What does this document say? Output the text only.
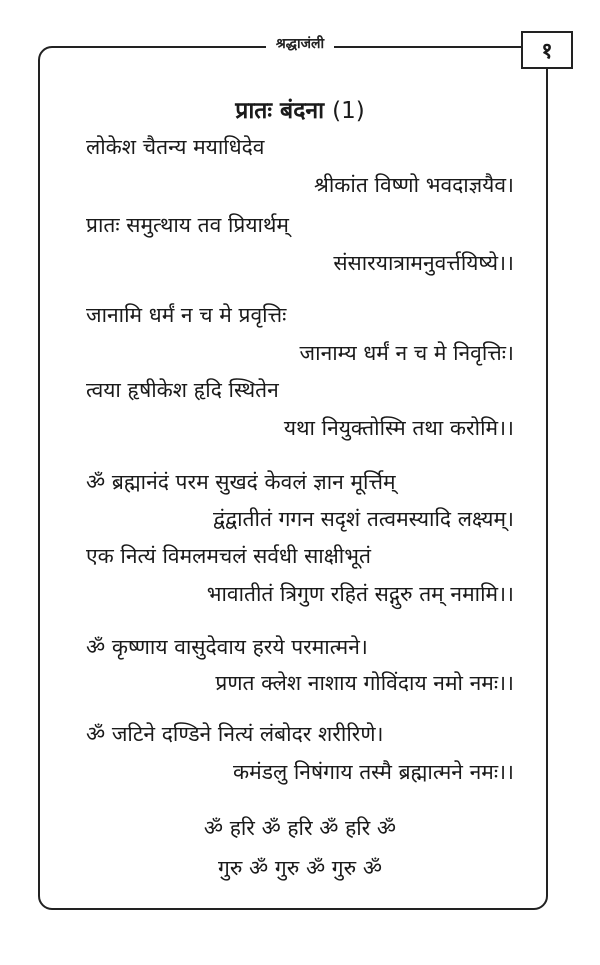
श्रद्धाजंली	१
प्रातः बंदना (1)
लोकेश चैतन्य मयाधिदेव
श्रीकांत विष्णो भवदाज्ञयैव।
प्रातः समुत्थाय तव प्रियार्थम्
संसारयात्रामनुवर्त्तयिष्ये।।
जानामि धर्मं न च मे प्रवृत्तिः
जानाम्य धर्मं न च मे निवृत्तिः।
त्वया हृषीकेश हृदि स्थितेन
यथा नियुक्तोस्मि तथा करोमि।।
ॐ ब्रह्मानंदं परम सुखदं केवलं ज्ञान मूर्त्तिम्
द्वंद्वातीतं गगन सदृशं तत्वमस्यादि लक्ष्यम्।
एक नित्यं विमलमचलं सर्वधी साक्षीभूतं
भावातीतं त्रिगुण रहितं सद्गुरु तम् नमामि।।
ॐ कृष्णाय वासुदेवाय हरये परमात्मने।
प्रणत क्लेश नाशाय गोविंदाय नमो नमः।।
ॐ जटिने दण्डिने नित्यं लंबोदर शरीरिणे।
कमंडलु निषंगाय तस्मै ब्रह्मात्मने नमः।।
ॐ हरि ॐ हरि ॐ हरि ॐ
गुरु ॐ गुरु ॐ गुरु ॐ
